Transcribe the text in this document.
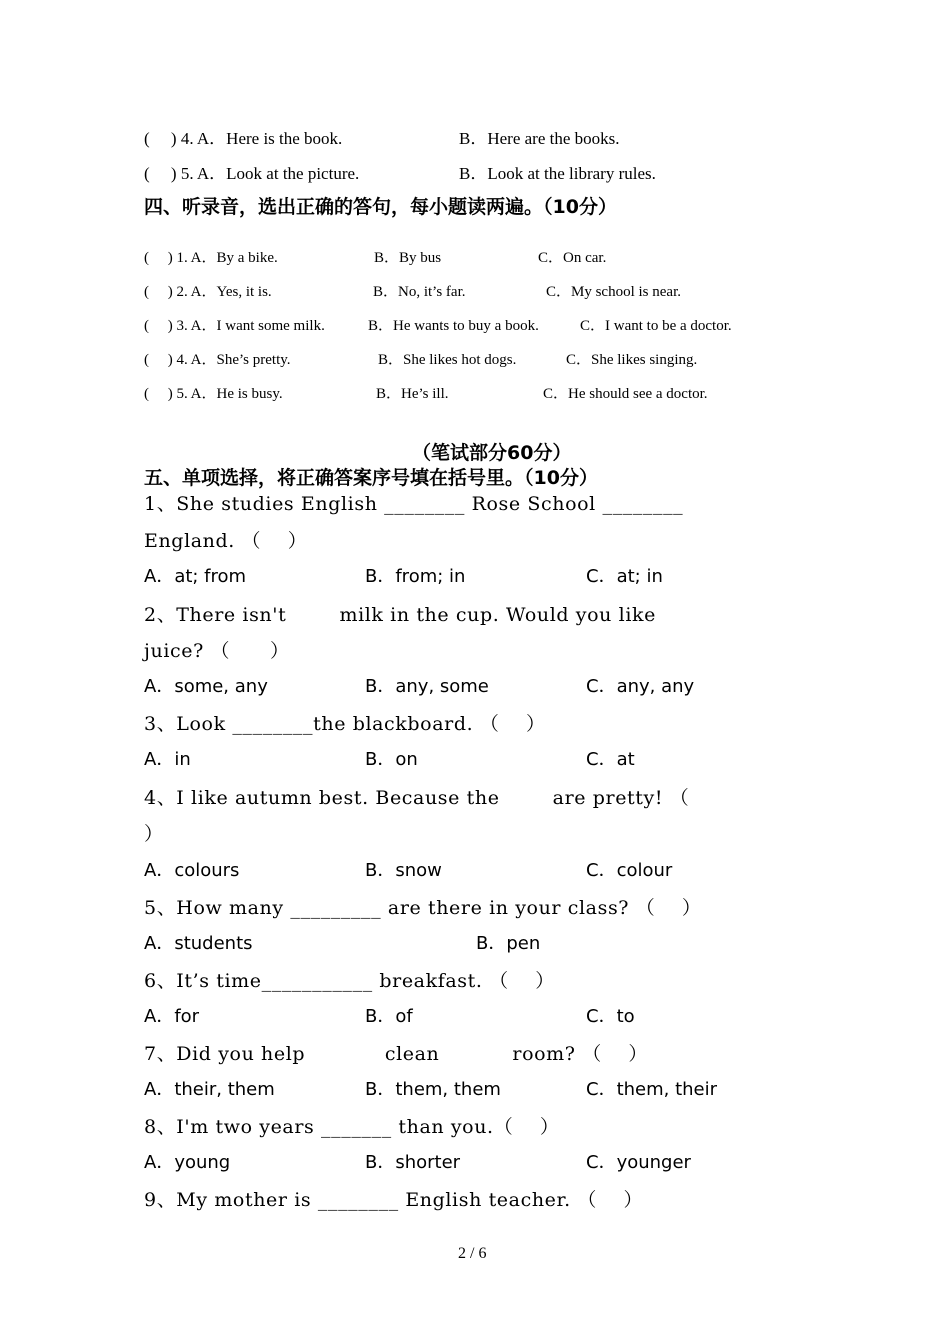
(     ) 4. A．Here is the book.	B．Here are the books.
(     ) 5. A．Look at the picture.	B．Look at the library rules.
四、听录音，选出正确的答句，每小题读两遍。（10分）
(     ) 1. A．By a bike.	B．By bus	C．On car.
(     ) 2. A．Yes, it is.	B．No, it’s far.	C．My school is near.
(     ) 3. A．I want some milk.	B．He wants to buy a book.	C．I want to be a doctor.
(     ) 4. A．She’s pretty.	B．She likes hot dogs.	C．She likes singing.
(     ) 5. A．He is busy.	B．He’s ill.	C．He should see a doctor.
（笔试部分60分）
五、单项选择，将正确答案序号填在括号里。（10分）
1、She studies English ________ Rose School ________
England. （    ）
A．at; from	B．from; in	C．at; in
2、There isn't        milk in the cup. Would you like
juice? （      ）
A．some, any	B．any, some	C．any, any
3、Look ________the blackboard. （    ）
A．in	B．on	C．at
4、I like autumn best. Because the        are pretty! （
）
A．colours	B．snow	C．colour
5、How many _________ are there in your class? （    ）
A．students	B．pen
6、It’s time___________ breakfast. （    ）
A．for	B．of	C．to
7、Did you help            clean           room? （    ）
A．their, them	B．them, them	C．them, their
8、I'm two years _______ than you.（    ）
A．young	B．shorter	C．younger
9、My mother is ________ English teacher. （    ）
2 / 6
